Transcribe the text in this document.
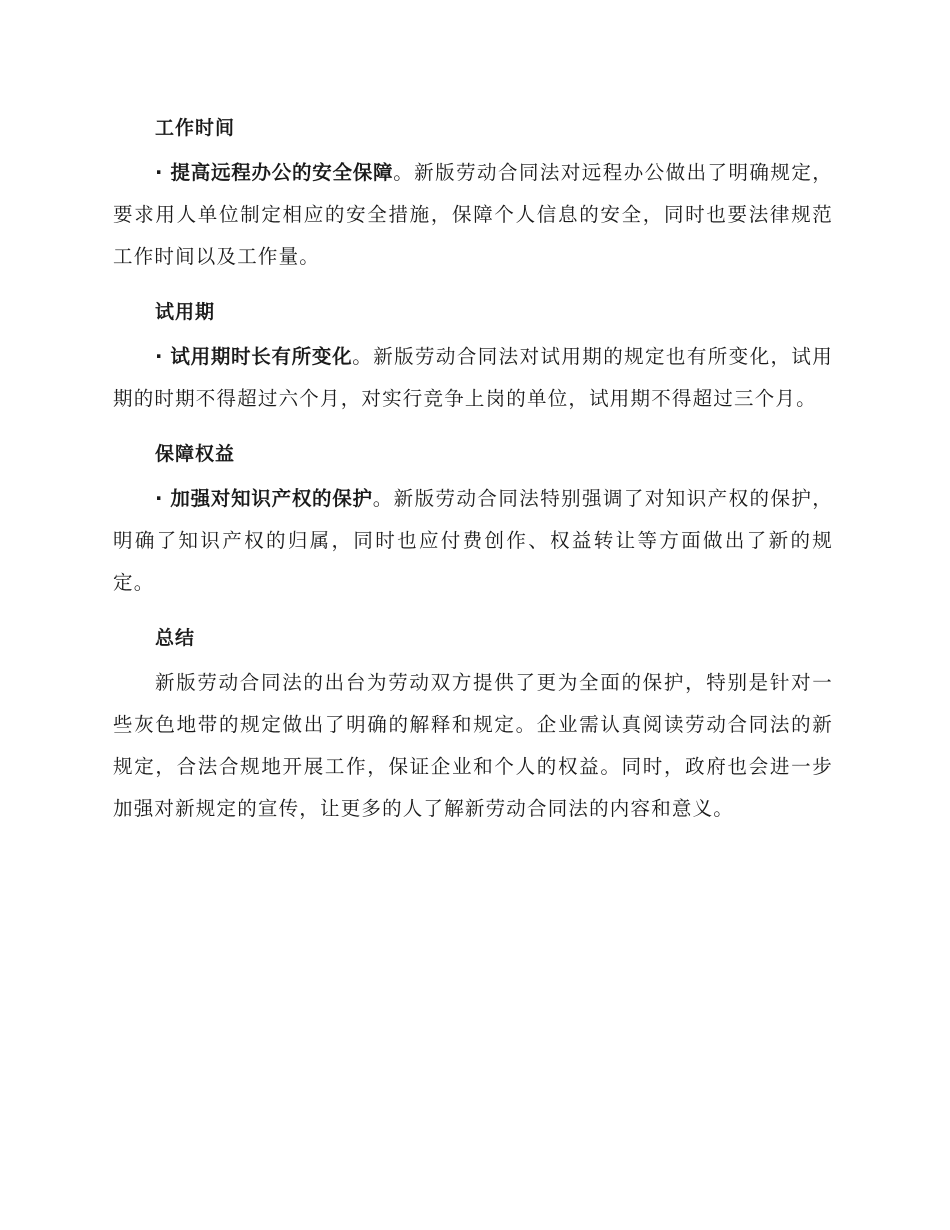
工作时间

· 提高远程办公的安全保障。新版劳动合同法对远程办公做出了明确规定，要求用人单位制定相应的安全措施，保障个人信息的安全，同时也要法律规范工作时间以及工作量。

试用期

· 试用期时长有所变化。新版劳动合同法对试用期的规定也有所变化，试用期的时期不得超过六个月，对实行竞争上岗的单位，试用期不得超过三个月。

保障权益

· 加强对知识产权的保护。新版劳动合同法特别强调了对知识产权的保护，明确了知识产权的归属，同时也应付费创作、权益转让等方面做出了新的规定。

总结

新版劳动合同法的出台为劳动双方提供了更为全面的保护，特别是针对一些灰色地带的规定做出了明确的解释和规定。企业需认真阅读劳动合同法的新规定，合法合规地开展工作，保证企业和个人的权益。同时，政府也会进一步加强对新规定的宣传，让更多的人了解新劳动合同法的内容和意义。
